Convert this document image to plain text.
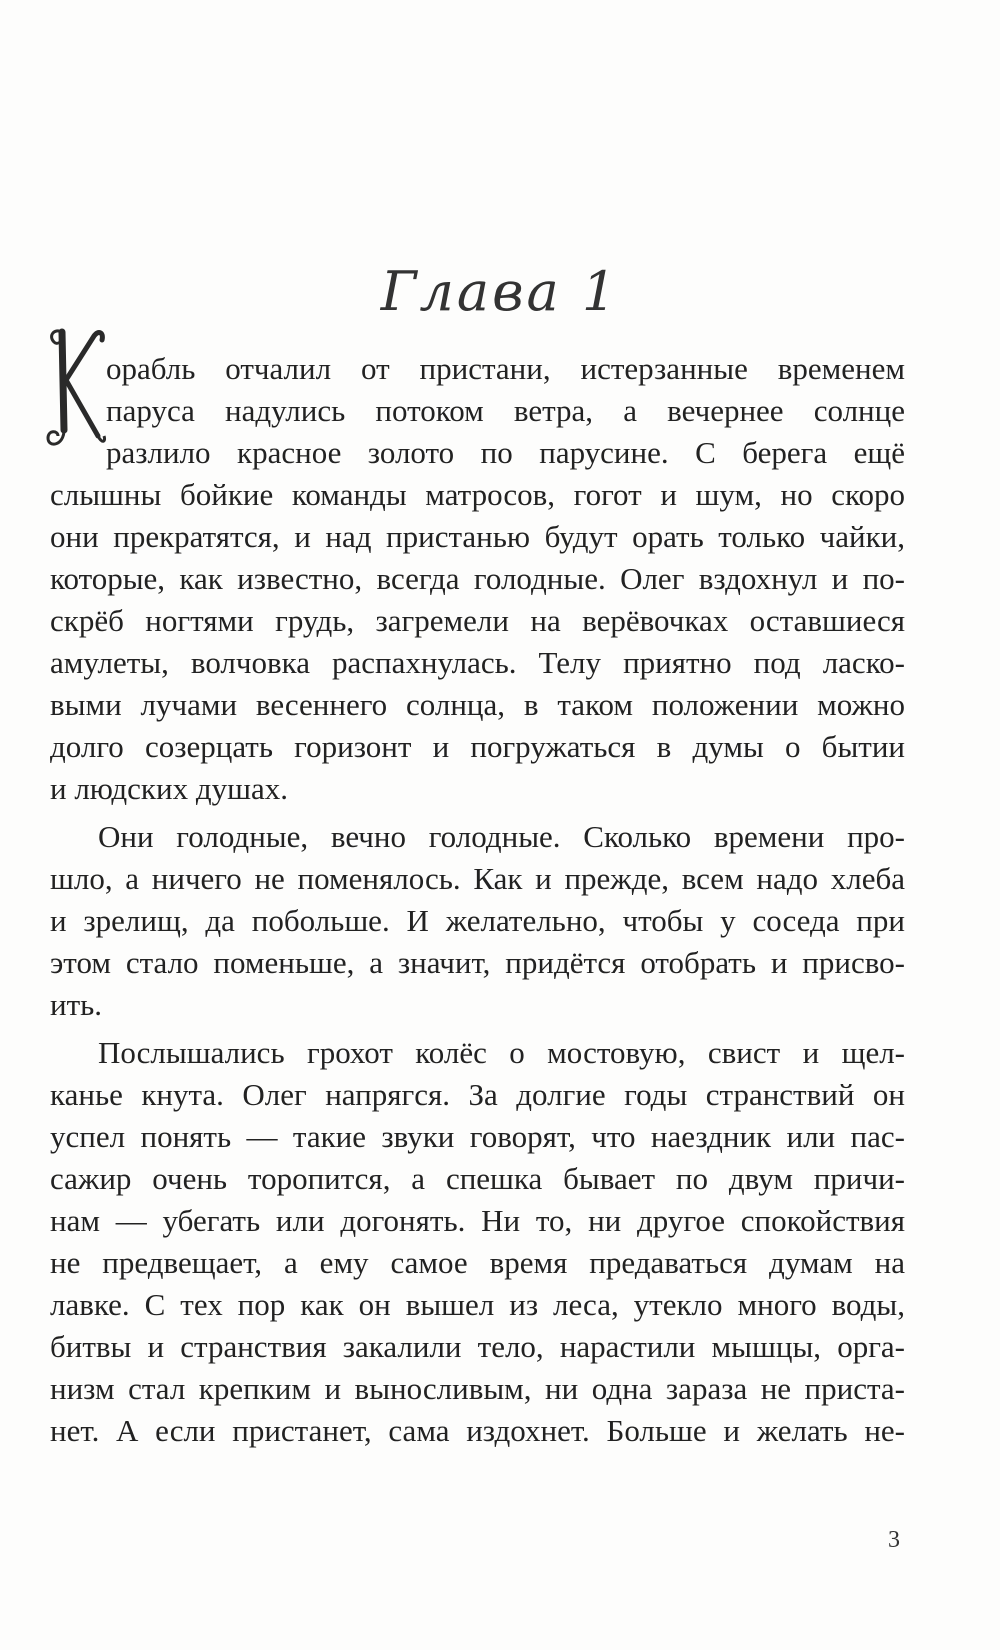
Глава 1
орабль отчалил от пристани, истерзанные временем
паруса надулись потоком ветра, а вечернее солнце
разлило красное золото по парусине. С берега ещё
слышны бойкие команды матросов, гогот и шум, но скоро
они прекратятся, и над пристанью будут орать только чайки,
которые, как известно, всегда голодные. Олег вздохнул и по-
скрёб ногтями грудь, загремели на верёвочках оставшиеся
амулеты, волчовка распахнулась. Телу приятно под ласко-
выми лучами весеннего солнца, в таком положении можно
долго созерцать горизонт и погружаться в думы о бытии
и людских душах.
Они голодные, вечно голодные. Сколько времени про-
шло, а ничего не поменялось. Как и прежде, всем надо хлеба
и зрелищ, да побольше. И желательно, чтобы у соседа при
этом стало поменьше, а значит, придётся отобрать и присво-
ить.
Послышались грохот колёс о мостовую, свист и щел-
канье кнута. Олег напрягся. За долгие годы странствий он
успел понять — такие звуки говорят, что наездник или пас-
сажир очень торопится, а спешка бывает по двум причи-
нам — убегать или догонять. Ни то, ни другое спокойствия
не предвещает, а ему самое время предаваться думам на
лавке. С тех пор как он вышел из леса, утекло много воды,
битвы и странствия закалили тело, нарастили мышцы, орга-
низм стал крепким и выносливым, ни одна зараза не приста-
нет. А если пристанет, сама издохнет. Больше и желать не-
3
